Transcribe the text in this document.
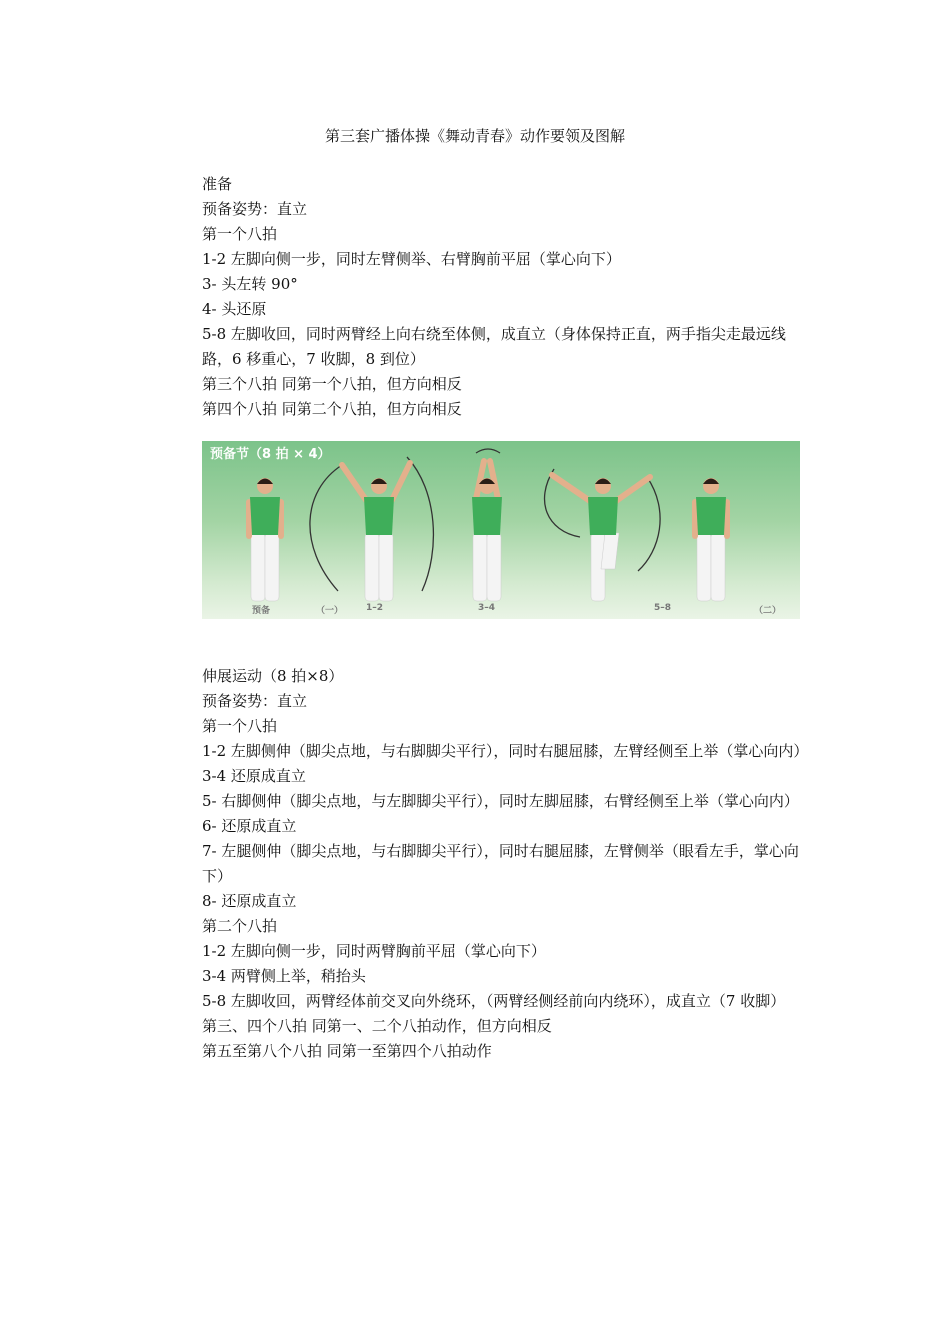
第三套广播体操《舞动青春》动作要领及图解

准备

预备姿势：直立

第一个八拍

1-2 左脚向侧一步，同时左臂侧举、右臂胸前平屈（掌心向下）

3- 头左转 90°

4- 头还原

5-8 左脚收回，同时两臂经上向右绕至体侧，成直立（身体保持正直，两手指尖走最远线路，6 移重心，7 收脚，8 到位）

第三个八拍 同第一个八拍，但方向相反

第四个八拍 同第二个八拍，但方向相反

预备节（8 拍 × 4）
预备	（一）	1–2	3–4	5–8	（二）

伸展运动（8 拍×8）

预备姿势：直立

第一个八拍

1-2 左脚侧伸（脚尖点地，与右脚脚尖平行），同时右腿屈膝，左臂经侧至上举（掌心向内）

3-4 还原成直立

5- 右脚侧伸（脚尖点地，与左脚脚尖平行），同时左脚屈膝，右臂经侧至上举（掌心向内）

6- 还原成直立

7- 左腿侧伸（脚尖点地，与右脚脚尖平行），同时右腿屈膝，左臂侧举（眼看左手，掌心向下）

8- 还原成直立

第二个八拍

1-2 左脚向侧一步，同时两臂胸前平屈（掌心向下）

3-4 两臂侧上举，稍抬头

5-8 左脚收回，两臂经体前交叉向外绕环，（两臂经侧经前向内绕环），成直立（7 收脚）

第三、四个八拍 同第一、二个八拍动作，但方向相反

第五至第八个八拍 同第一至第四个八拍动作
